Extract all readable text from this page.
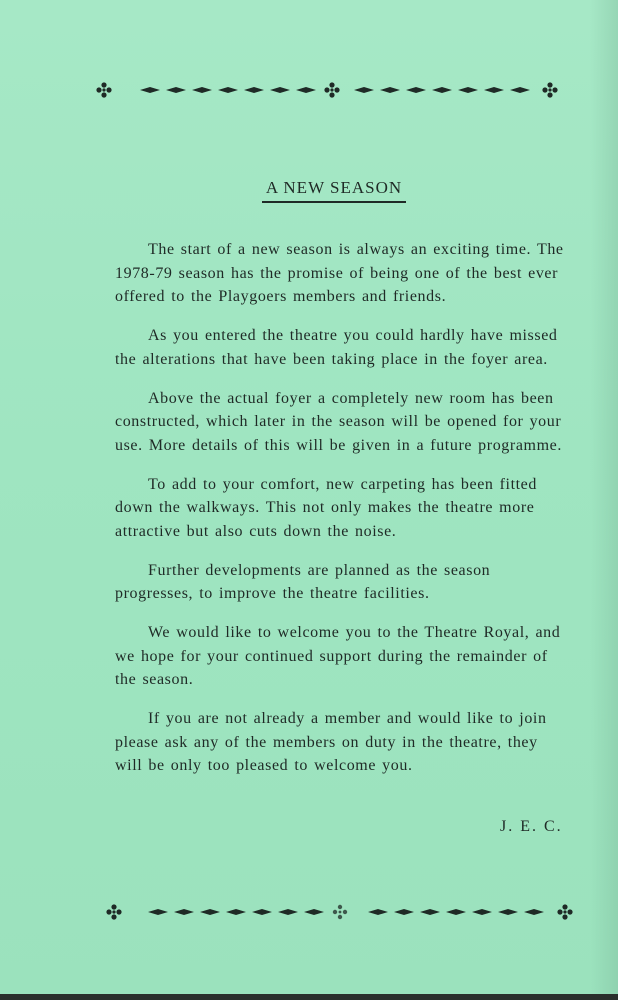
A NEW SEASON

The start of a new season is always an exciting time. The 1978-79 season has the promise of being one of the best ever offered to the Playgoers members and friends.

As you entered the theatre you could hardly have missed the alterations that have been taking place in the foyer area.

Above the actual foyer a completely new room has been constructed, which later in the season will be opened for your use. More details of this will be given in a future programme.

To add to your comfort, new carpeting has been fitted down the walkways. This not only makes the theatre more attractive but also cuts down the noise.

Further developments are planned as the season progresses, to improve the theatre facilities.

We would like to welcome you to the Theatre Royal, and we hope for your continued support during the remainder of the season.

If you are not already a member and would like to join please ask any of the members on duty in the theatre, they will be only too pleased to welcome you.

J. E. C.
